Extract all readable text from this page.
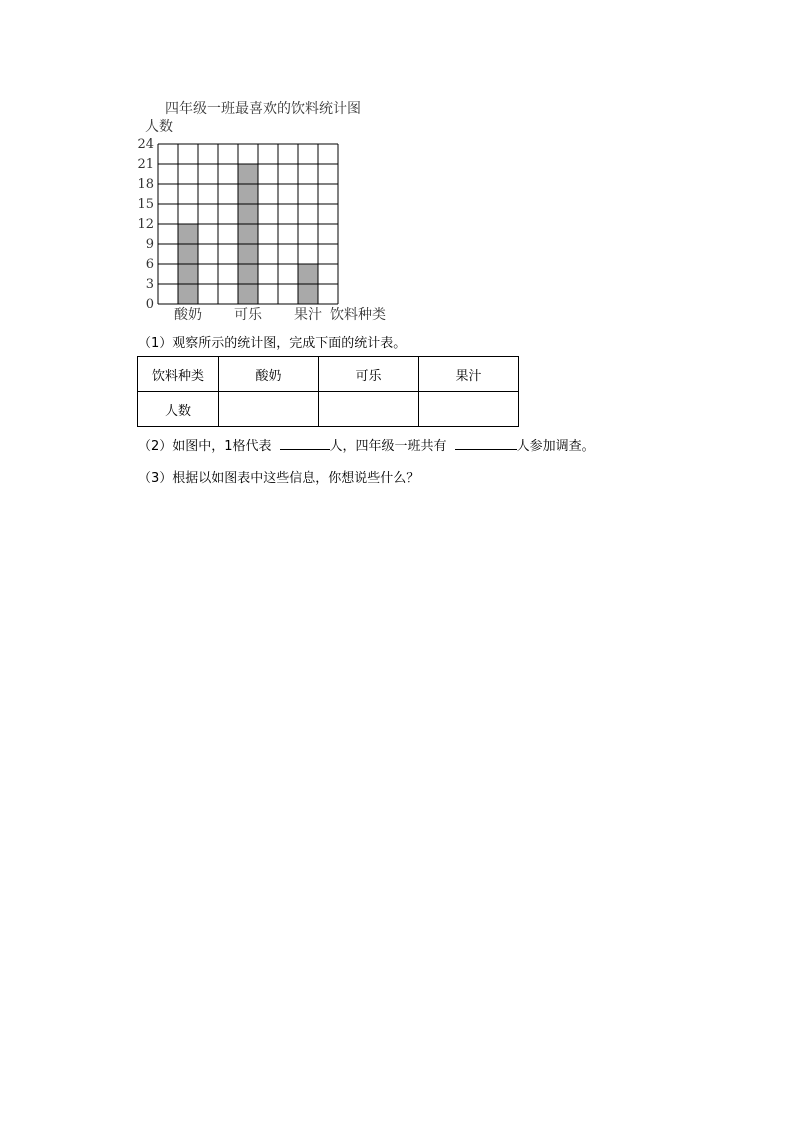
四年级一班最喜欢的饮料统计图
人数
0
3
6
9
12
15
18
21
24
酸奶 可乐 果汁 饮料种类
（1）观察所示的统计图，完成下面的统计表。
饮料种类	酸奶	可乐	果汁
人数			
（2）如图中，1格代表	人，四年级一班共有	人参加调查。
（3）根据以如图表中这些信息，你想说些什么？
